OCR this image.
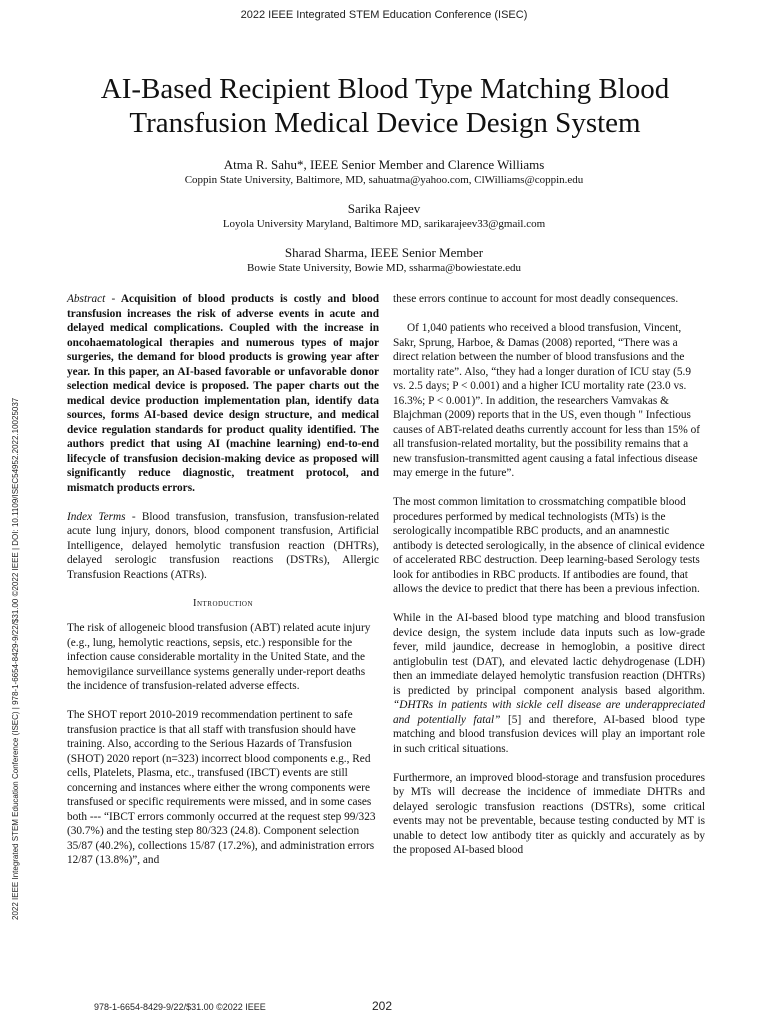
2022 IEEE Integrated STEM Education Conference (ISEC)
2022 IEEE Integrated STEM Education Conference (ISEC) | 978-1-6654-8429-9/22/$31.00 ©2022 IEEE | DOI: 10.1109/ISEC54952.2022.10025037
AI-Based Recipient Blood Type Matching Blood Transfusion Medical Device Design System
Atma R. Sahu*, IEEE Senior Member and Clarence Williams
Coppin State University, Baltimore, MD, sahuatma@yahoo.com, ClWilliams@coppin.edu
Sarika Rajeev
Loyola University Maryland, Baltimore MD, sarikarajeev33@gmail.com
Sharad Sharma, IEEE Senior Member
Bowie State University, Bowie MD, ssharma@bowiestate.edu

Abstract - Acquisition of blood products is costly and blood transfusion increases the risk of adverse events in acute and delayed medical complications. Coupled with the increase in oncohaematological therapies and numerous types of major surgeries, the demand for blood products is growing year after year. In this paper, an AI-based favorable or unfavorable donor selection medical device is proposed. The paper charts out the medical device production implementation plan, identify data sources, forms AI-based device design structure, and medical device regulation standards for product quality identified. The authors predict that using AI (machine learning) end-to-end lifecycle of transfusion decision-making device as proposed will significantly reduce diagnostic, treatment protocol, and mismatch products errors.

Index Terms - Blood transfusion, transfusion, transfusion-related acute lung injury, donors, blood component transfusion, Artificial Intelligence, delayed hemolytic transfusion reaction (DHTRs), delayed serologic transfusion reactions (DSTRs), Allergic Transfusion Reactions (ATRs).

Introduction

The risk of allogeneic blood transfusion (ABT) related acute injury (e.g., lung, hemolytic reactions, sepsis, etc.) responsible for the infection cause considerable mortality in the United State, and the hemovigilance surveillance systems generally under-report deaths the incidence of transfusion-related adverse effects.

The SHOT report 2010-2019 recommendation pertinent to safe transfusion practice is that all staff with transfusion should have training. Also, according to the Serious Hazards of Transfusion (SHOT) 2020 report (n=323) incorrect blood components e.g., Red cells, Platelets, Plasma, etc., transfused (IBCT) events are still concerning and instances where either the wrong components were transfused or specific requirements were missed, and in some cases both --- “IBCT errors commonly occurred at the request step 99/323 (30.7%) and the testing step 80/323 (24.8). Component selection 35/87 (40.2%), collections 15/87 (17.2%), and administration errors 12/87 (13.8%)”, and

these errors continue to account for most deadly consequences.

Of 1,040 patients who received a blood transfusion, Vincent, Sakr, Sprung, Harboe, & Damas (2008) reported, “There was a direct relation between the number of blood transfusions and the mortality rate”. Also, “they had a longer duration of ICU stay (5.9 vs. 2.5 days; P < 0.001) and a higher ICU mortality rate (23.0 vs. 16.3%; P < 0.001)”. In addition, the researchers Vamvakas & Blajchman (2009) reports that in the US, even though " Infectious causes of ABT-related deaths currently account for less than 15% of all transfusion-related mortality, but the possibility remains that a new transfusion-transmitted agent causing a fatal infectious disease may emerge in the future”.

The most common limitation to crossmatching compatible blood procedures performed by medical technologists (MTs) is the serologically incompatible RBC products, and an anamnestic antibody is detected serologically, in the absence of clinical evidence of accelerated RBC destruction. Deep learning-based Serology tests look for antibodies in RBC products. If antibodies are found, that allows the device to predict that there has been a previous infection.

While in the AI-based blood type matching and blood transfusion device design, the system include data inputs such as low-grade fever, mild jaundice, decrease in hemoglobin, a positive direct antiglobulin test (DAT), and elevated lactic dehydrogenase (LDH) then an immediate delayed hemolytic transfusion reaction (DHTRs) is predicted by principal component analysis based algorithm. “DHTRs in patients with sickle cell disease are underappreciated and potentially fatal” [5] and therefore, AI-based blood type matching and blood transfusion devices will play an important role in such critical situations.

Furthermore, an improved blood-storage and transfusion procedures by MTs will decrease the incidence of immediate DHTRs and delayed serologic transfusion reactions (DSTRs), some critical events may not be preventable, because testing conducted by MT is unable to detect low antibody titer as quickly and accurately as by the proposed AI-based blood

978-1-6654-8429-9/22/$31.00 ©2022 IEEE	202
